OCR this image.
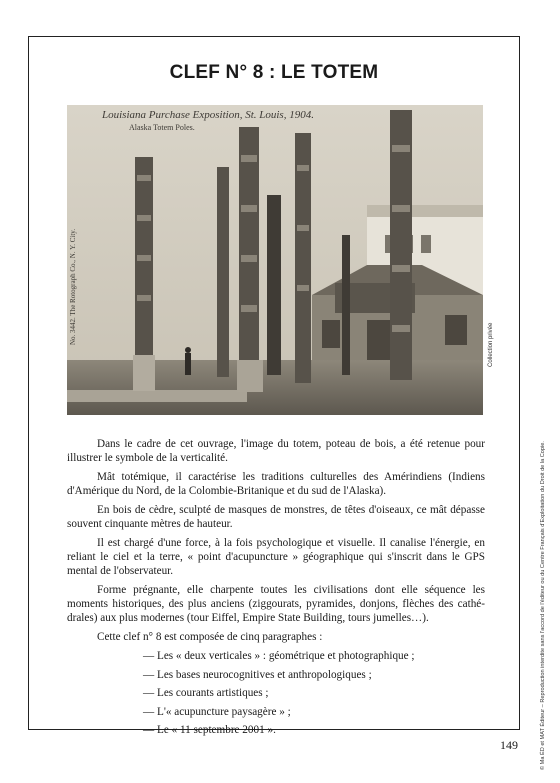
CLEF N° 8 : LE TOTEM
Louisiana Purchase Exposition, St. Louis, 1904.
Alaska Totem Poles.
No. 3442. The Rotograph Co., N. Y. City.	Collection privée

Dans le cadre de cet ouvrage, l'image du totem, poteau de bois, a été retenue pour illustrer le symbole de la verticalité.

Mât totémique, il caractérise les traditions culturelles des Amérindiens (Indiens d'Amérique du Nord, de la Colombie-Britanique et du sud de l'Alaska).

En bois de cèdre, sculpté de masques de monstres, de têtes d'oiseaux, ce mât dépasse souvent cinquante mètres de hauteur.

Il est chargé d'une force, à la fois psychologique et visuelle. Il canalise l'énergie, en reliant le ciel et la terre, « point d'acupuncture » géographique qui s'inscrit dans le GPS mental de l'observateur.

Forme prégnante, elle charpente toutes les civilisations dont elle séquence les moments historiques, des plus anciens (ziggourats, pyramides, donjons, flèches des cathé-drales) aux plus modernes (tour Eiffel, Empire State Building, tours jumelles…).

Cette clef n° 8 est composée de cinq paragraphes :

— Les « deux verticales » : géométrique et photographique ;
— Les bases neurocognitives et anthropologiques ;
— Les courants artistiques ;
— L'« acupuncture paysagère » ;
— Le « 11 septembre 2001 ».	© Ma ÉD et MAT Éditeur – Reproduction interdite sans l'accord de l'éditeur ou du Centre Français d'Exploitation du Droit de la Copie.
149
